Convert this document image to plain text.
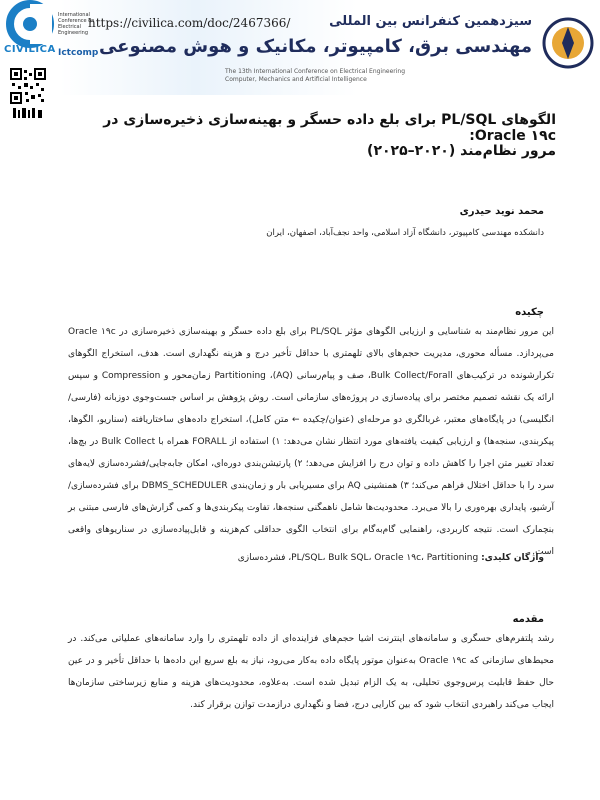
CIVILICA
International Conference on Electrical Engineering
Ictcomp
https://civilica.com/doc/2467366/	سیزدهمین کنفرانس بین المللی
مهندسی برق، کامپیوتر، مکانیک و هوش مصنوعی
The 13th International Conference on Electrical Engineering
Computer, Mechanics and Artificial Intelligence
الگوهای PL/SQL برای بلع داده حسگر و بهینه‌سازی ذخیره‌سازی در Oracle ۱۹c:
مرور نظام‌مند (۲۰۲۰–۲۰۲۵)
محمد نوید حیدری
دانشکده مهندسی کامپیوتر، دانشگاه آزاد اسلامی، واحد نجف‌آباد، اصفهان، ایران
چکیده
این مرور نظام‌مند به شناسایی و ارزیابی الگوهای مؤثر PL/SQL برای بلع داده حسگر و بهینه‌سازی ذخیره‌سازی در Oracle ۱۹c می‌پردازد. مسأله محوری، مدیریت حجم‌های بالای تلهمتری با حداقل تأخیر درج و هزینه نگهداری است. هدف، استخراج الگوهای تکرارشونده در ترکیب‌های Bulk Collect/Forall، صف و پیام‌رسانی (AQ)، Partitioning زمان‌محور و Compression و سپس ارائه یک نقشه تصمیم مختصر برای پیاده‌سازی در پروژه‌های سازمانی است. روش پژوهش بر اساس جست‌وجوی دوزبانه (فارسی/انگلیسی) در پایگاه‌های معتبر، غربالگری دو مرحله‌ای (عنوان/چکیده ← متن کامل)، استخراج داده‌های ساختاریافته (سناریو، الگوها، پیکربندی، سنجه‌ها) و ارزیابی کیفیت یافته‌های مورد انتظار نشان می‌دهد: ۱) استفاده از FORALL همراه با Bulk Collect در بچ‌ها، تعداد تغییر متن اجرا را کاهش داده و توان درج را افزایش می‌دهد؛ ۲) پارتیشن‌بندی دوره‌ای، امکان جابه‌جایی/فشرده‌سازی لایه‌های سرد را با حداقل اختلال فراهم می‌کند؛ ۳) همنشینی AQ برای مسیریابی بار و زمان‌بندی DBMS_SCHEDULER برای فشرده‌سازی/آرشیو، پایداری بهره‌وری را بالا می‌برد. محدودیت‌ها شامل ناهمگنی سنجه‌ها، تفاوت پیکربندی‌ها و کمی گزارش‌های فارسی مبتنی بر بنچمارک است. نتیجه کاربردی، راهنمایی گام‌به‌گام برای انتخاب الگوی حداقلی کم‌هزینه و قابل‌پیاده‌سازی در سناریوهای واقعی است.
واژگان کلیدی: PL/SQL، Bulk SQL، Oracle ۱۹c، Partitioning، فشرده‌سازی
مقدمه
رشد پلتفرم‌های حسگری و سامانه‌های اینترنت اشیا حجم‌های فزاینده‌ای از داده تلهمتری را وارد سامانه‌های عملیاتی می‌کند. در محیط‌های سازمانی که Oracle ۱۹c به‌عنوان موتور پایگاه داده به‌کار می‌رود، نیاز به بلع سریع این داده‌ها با حداقل تأخیر و در عین حال حفظ قابلیت پرس‌وجوی تحلیلی، به یک الزام تبدیل شده است. به‌علاوه، محدودیت‌های هزینه و منابع زیرساختی سازمان‌ها ایجاب می‌کند راهبردی انتخاب شود که بین کارایی درج، فضا و نگهداری درازمدت توازن برقرار کند.
